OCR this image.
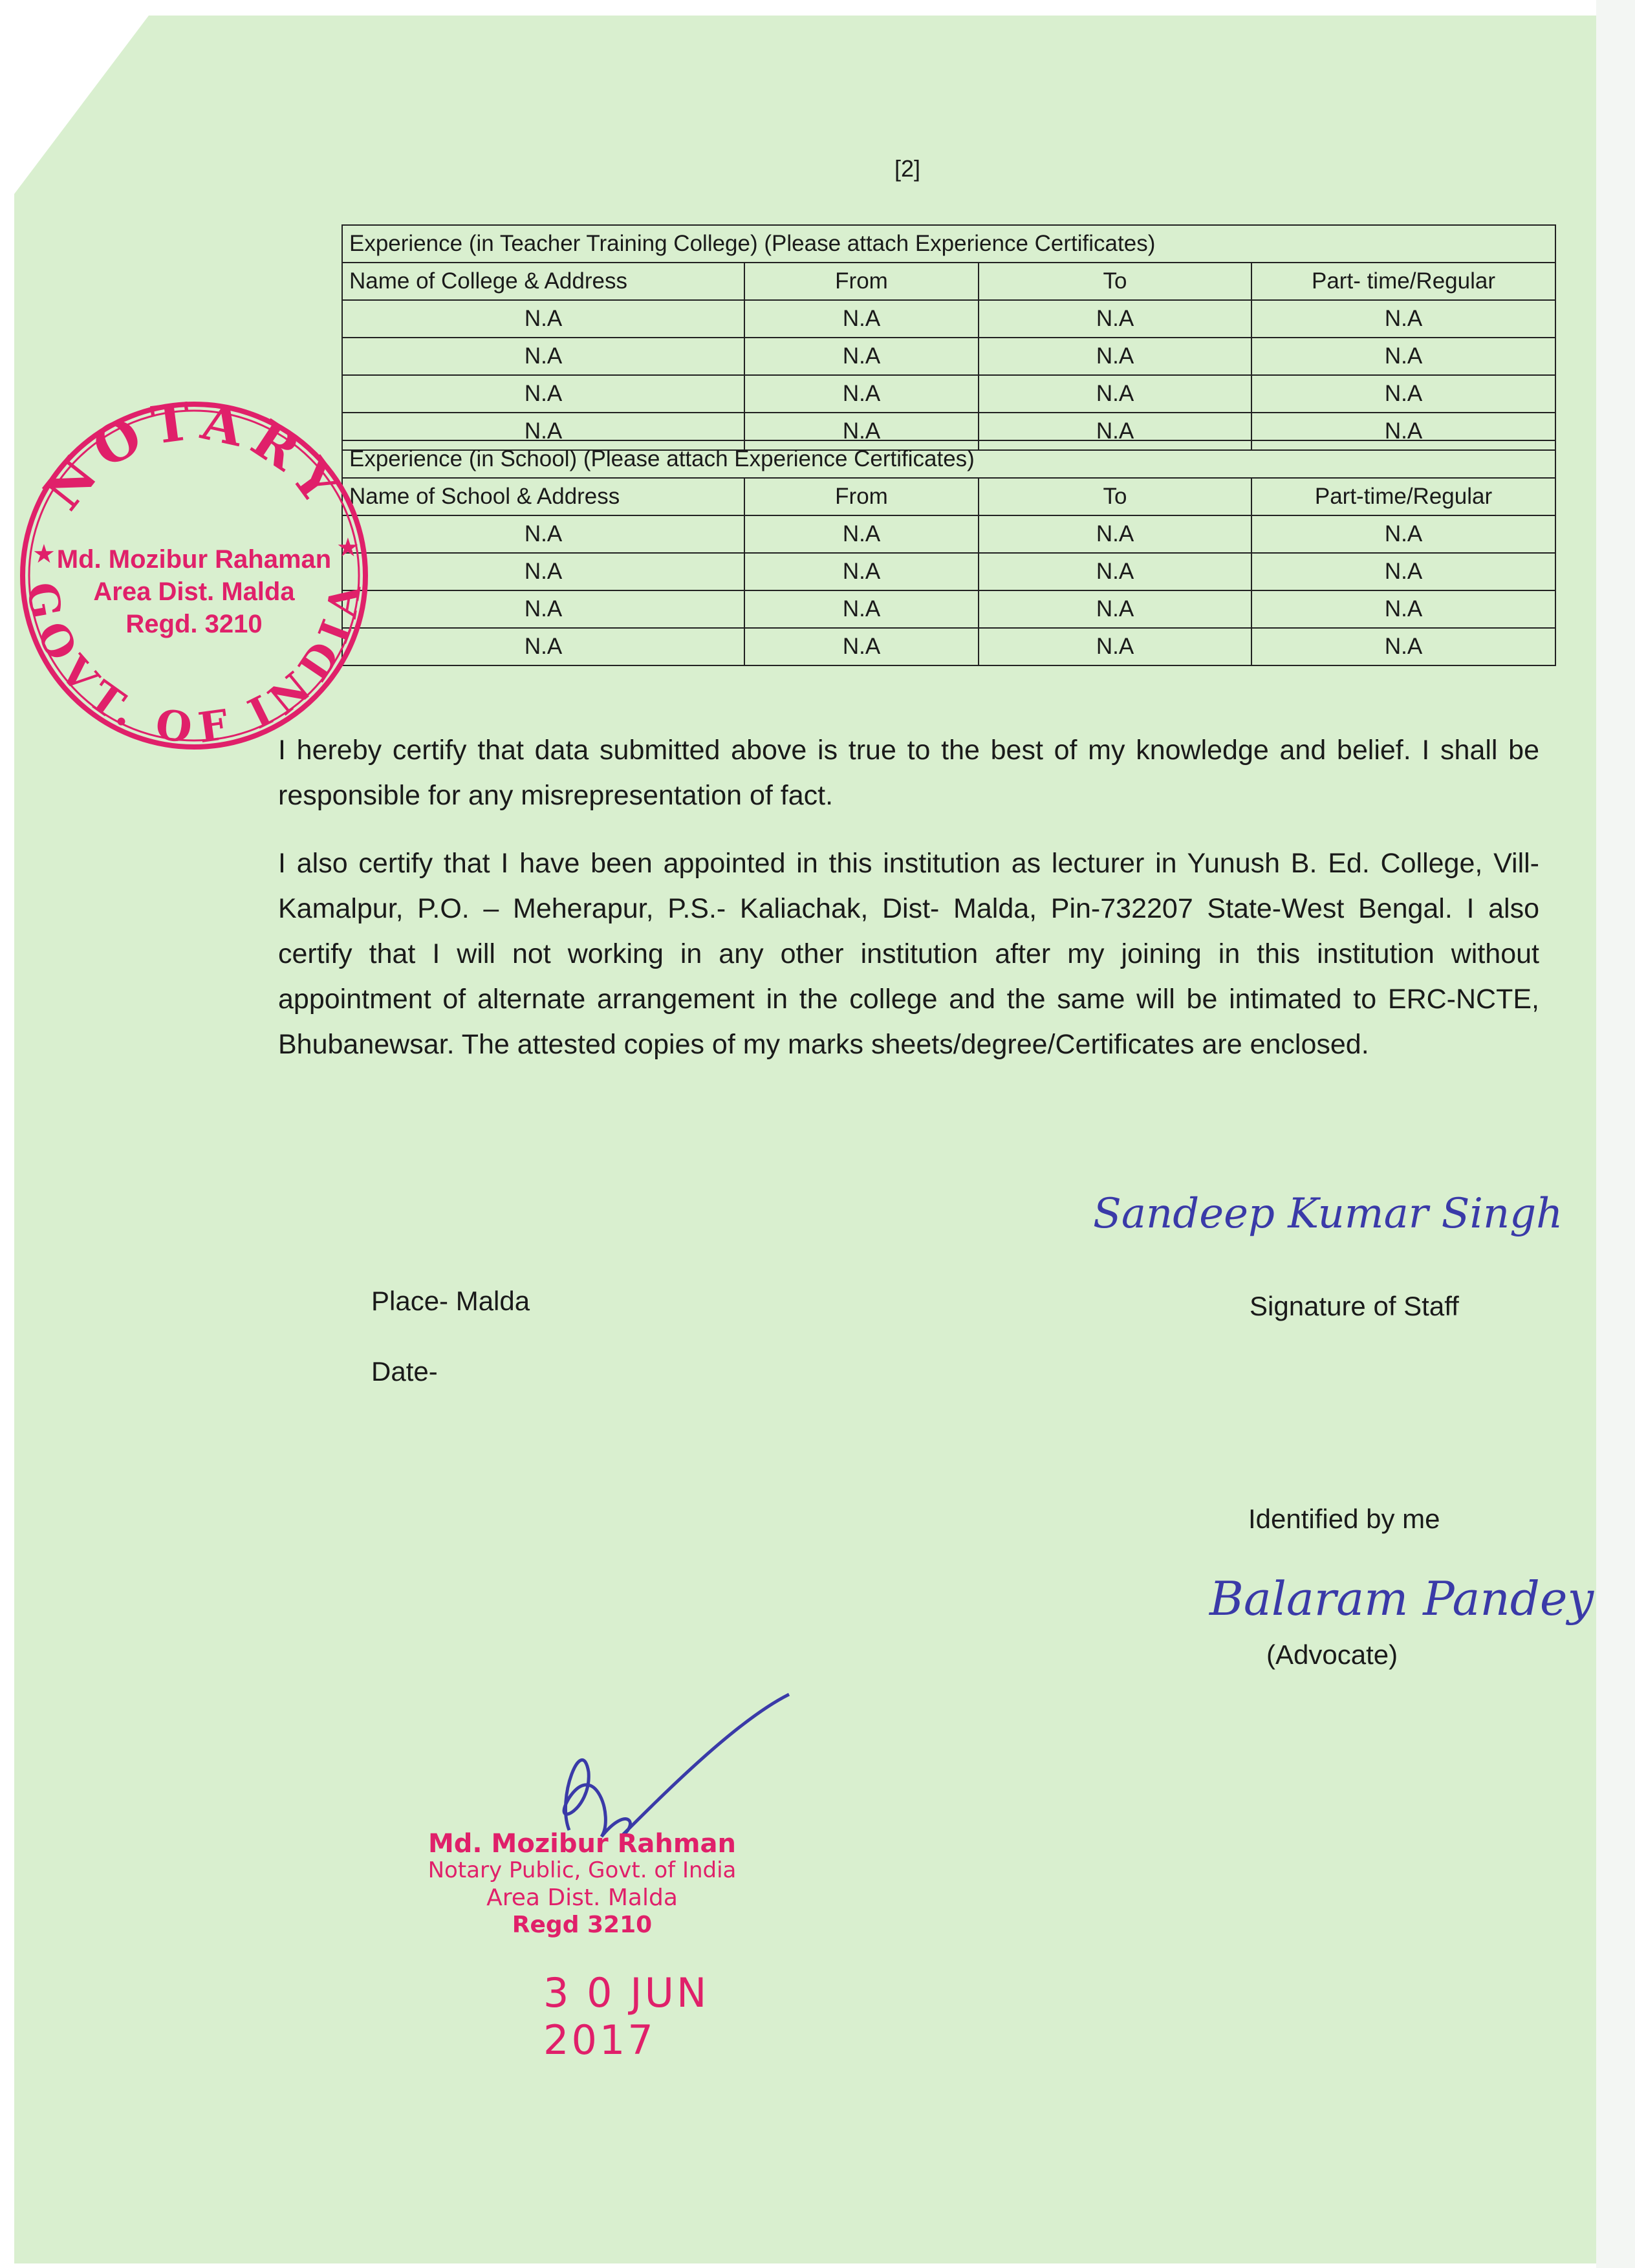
[2]
Experience (in Teacher Training College) (Please attach Experience Certificates)			
Name of College & Address	From	To	Part- time/Regular
N.A	N.A	N.A	N.A
N.A	N.A	N.A	N.A
N.A	N.A	N.A	N.A
N.A	N.A	N.A	N.A
Experience (in School) (Please attach Experience Certificates)			
Name of School & Address	From	To	Part-time/Regular
N.A	N.A	N.A	N.A
N.A	N.A	N.A	N.A
N.A	N.A	N.A	N.A
N.A	N.A	N.A	N.A
NOTARY
GOVT. OF INDIA
★	★
Md. Mozibur Rahaman
Area Dist. Malda
Regd. 3210
I hereby certify that data submitted above is true to the best of my knowledge and belief. I shall be responsible for any misrepresentation of fact.
I also certify that I have been appointed in this institution as lecturer in Yunush B. Ed. College, Vill- Kamalpur, P.O. – Meherapur, P.S.- Kaliachak, Dist- Malda, Pin-732207 State-West Bengal. I also certify that I will not working in any other institution after my joining in this institution without appointment of alternate arrangement in the college and the same will be intimated to ERC-NCTE, Bhubanewsar. The attested copies of my marks sheets/degree/Certificates are enclosed.
Sandeep Kumar Singh
Place- Malda
Date-
Signature of Staff
Identified by me
Balaram Pandey
(Advocate)
Md. Mozibur Rahman
Notary Public, Govt. of India
Area Dist. Malda
Regd 3210
3 0 JUN 2017
